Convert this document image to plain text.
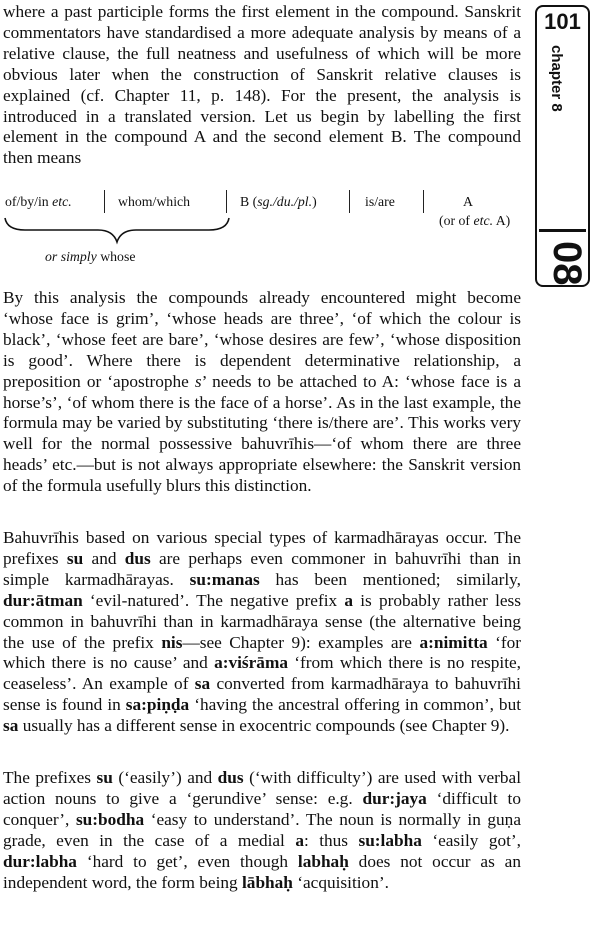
where a past participle forms the first element in the compound. Sanskrit commentators have standardised a more adequate analysis by means of a relative clause, the full neatness and usefulness of which will be more obvious later when the construction of Sanskrit relative clauses is explained (cf. Chapter 11, p. 148). For the present, the analysis is introduced in a translated version. Let us begin by labelling the first element in the compound A and the second element B. The compound then means

of/by/in etc.	whom/which	B (sg./du./pl.)	is/are	A
(or of etc. A)
or simply whose

By this analysis the compounds already encountered might become ‘whose face is grim’, ‘whose heads are three’, ‘of which the colour is black’, ‘whose feet are bare’, ‘whose desires are few’, ‘whose disposition is good’. Where there is dependent determinative relationship, a preposition or ‘apostrophe s’ needs to be attached to A: ‘whose face is a horse’s’, ‘of whom there is the face of a horse’. As in the last example, the formula may be varied by substituting ‘there is/there are’. This works very well for the normal possessive bahuvrīhis—‘of whom there are three heads’ etc.—but is not always appropriate elsewhere: the Sanskrit version of the formula usefully blurs this distinction.

Bahuvrīhis based on various special types of karmadhārayas occur. The prefixes su and dus are perhaps even commoner in bahuvrīhi than in simple karmadhārayas. su:manas has been mentioned; similarly, dur:ātman ‘evil-natured’. The negative prefix a is probably rather less common in bahuvrīhi than in karmadhāraya sense (the alternative being the use of the prefix nis—see Chapter 9): examples are a:nimitta ‘for which there is no cause’ and a:viśrāma ‘from which there is no respite, ceaseless’. An example of sa converted from karmadhāraya to bahuvrīhi sense is found in sa:piṇḍa ‘having the ancestral offering in common’, but sa usually has a different sense in exocentric compounds (see Chapter 9).

The prefixes su (‘easily’) and dus (‘with difficulty’) are used with verbal action nouns to give a ‘gerundive’ sense: e.g. dur:jaya ‘difficult to conquer’, su:bodha ‘easy to understand’. The noun is normally in guṇa grade, even in the case of a medial a: thus su:labha ‘easily got’, dur:labha ‘hard to get’, even though labhaḥ does not occur as an independent word, the form being lābhaḥ ‘acquisition’.

101
chapter 8
08
